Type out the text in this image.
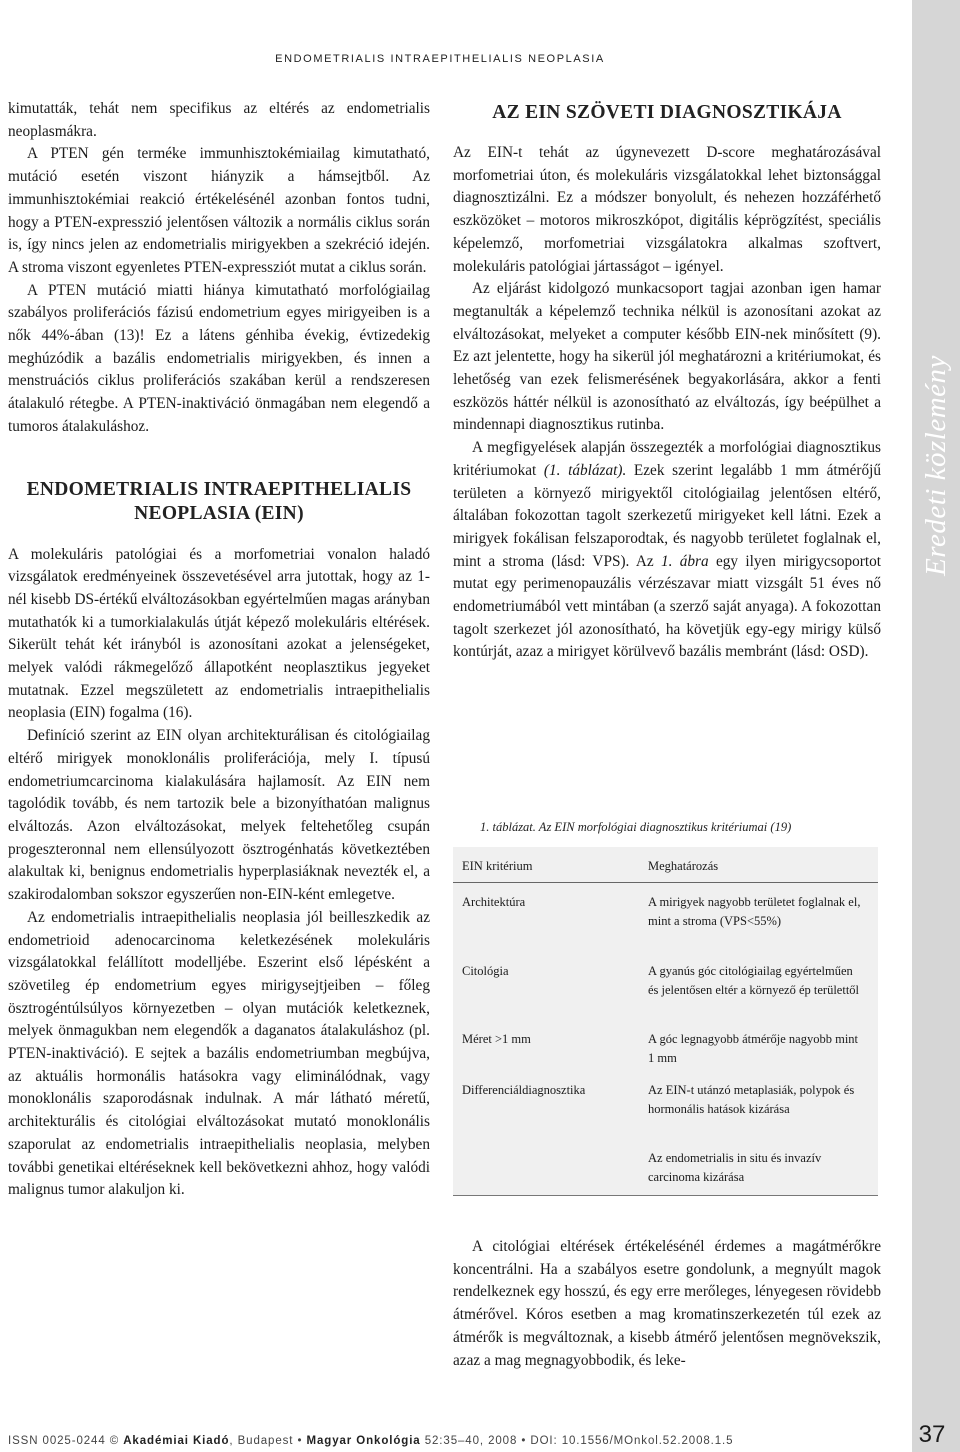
ENDOMETRIALIS INTRAEPITHELIALIS NEOPLASIA
Eredeti közlemény

kimutatták, tehát nem specifikus az eltérés az endometrialis neoplasmákra.

A PTEN gén terméke immunhisztokémiailag kimutatható, mutáció esetén viszont hiányzik a hámsejtből. Az immunhisztokémiai reakció értékelésénél azonban fontos tudni, hogy a PTEN-expresszió jelentősen változik a normális ciklus során is, így nincs jelen az endometrialis mirigyekben a szekréció idején. A stroma viszont egyenletes PTEN-expressziót mutat a ciklus során.

A PTEN mutáció miatti hiánya kimutatható morfológiailag szabályos proliferációs fázisú endometrium egyes mirigyeiben is a nők 44%-ában (13)! Ez a látens génhiba évekig, évtizedekig meghúzódik a bazális endometrialis mirigyekben, és innen a menstruációs ciklus proliferációs szakában kerül a rendszeresen átalakuló rétegbe. A PTEN-inaktiváció önmagában nem elegendő a tumoros átalakuláshoz.

ENDOMETRIALIS INTRAEPITHELIALIS NEOPLASIA (EIN)

A molekuláris patológiai és a morfometriai vonalon haladó vizsgálatok eredményeinek összevetésével arra jutottak, hogy az 1-nél kisebb DS-értékű elváltozásokban egyértelműen magas arányban mutathatók ki a tumorkialakulás útját képező molekuláris eltérések. Sikerült tehát két irányból is azonosítani azokat a jelenségeket, melyek valódi rákmegelőző állapotként neoplasztikus jegyeket mutatnak. Ezzel megszületett az endometrialis intraepithelialis neoplasia (EIN) fogalma (16).

Definíció szerint az EIN olyan architekturálisan és citológiailag eltérő mirigyek monoklonális proliferációja, mely I. típusú endometriumcarcinoma kialakulására hajlamosít. Az EIN nem tagolódik tovább, és nem tartozik bele a bizonyíthatóan malignus elváltozás. Azon elváltozásokat, melyek feltehetőleg csupán progeszteronnal nem ellensúlyozott ösztrogénhatás következtében alakultak ki, benignus endometrialis hyperplasiáknak nevezték el, a szakirodalomban sokszor egyszerűen non-EIN-ként emlegetve.

Az endometrialis intraepithelialis neoplasia jól beilleszkedik az endometrioid adenocarcinoma keletkezésének molekuláris vizsgálatokkal felállított modelljébe. Eszerint első lépésként a szövetileg ép endometrium egyes mirigysejtjeiben – főleg ösztrogéntúlsúlyos környezetben – olyan mutációk keletkeznek, melyek önmagukban nem elegendők a daganatos átalakuláshoz (pl. PTEN-inaktiváció). E sejtek a bazális endometriumban megbújva, az aktuális hormonális hatásokra vagy eliminálódnak, vagy monoklonális szaporodásnak indulnak. A már látható méretű, architekturális és citológiai elváltozásokat mutató monoklonális szaporulat az endometrialis intraepithelialis neoplasia, melyben további genetikai eltéréseknek kell bekövetkezni ahhoz, hogy valódi malignus tumor alakuljon ki.

AZ EIN SZÖVETI DIAGNOSZTIKÁJA

Az EIN-t tehát az úgynevezett D-score meghatározásával morfometriai úton, és molekuláris vizsgálatokkal lehet biztonsággal diagnosztizálni. Ez a módszer bonyolult, és nehezen hozzáférhető eszközöket – motoros mikroszkópot, digitális képrögzítést, speciális képelemző, morfometriai vizsgálatokra alkalmas szoftvert, molekuláris patológiai jártasságot – igényel.

Az eljárást kidolgozó munkacsoport tagjai azonban igen hamar megtanulták a képelemző technika nélkül is azonosítani azokat az elváltozásokat, melyeket a computer később EIN-nek minősített (9). Ez azt jelentette, hogy ha sikerül jól meghatározni a kritériumokat, és lehetőség van ezek felismerésének begyakorlására, akkor a fenti eszközös háttér nélkül is azonosítható az elváltozás, így beépülhet a mindennapi diagnosztikus rutinba.

A megfigyelések alapján összegezték a morfológiai diagnosztikus kritériumokat (1. táblázat). Ezek szerint legalább 1 mm átmérőjű területen a környező mirigyektől citológiailag jelentősen eltérő, általában fokozottan tagolt szerkezetű mirigyeket kell látni. Ezek a mirigyek fokálisan felszaporodtak, és nagyobb területet foglalnak el, mint a stroma (lásd: VPS). Az 1. ábra egy ilyen mirigycsoportot mutat egy perimenopauzális vérzészavar miatt vizsgált 51 éves nő endometriumából vett mintában (a szerző saját anyaga). A fokozottan tagolt szerkezet jól azonosítható, ha követjük egy-egy mirigy külső kontúrját, azaz a mirigyet körülvevő bazális membránt (lásd: OSD).

1. táblázat. Az EIN morfológiai diagnosztikus kritériumai (19)
EIN kritérium	Meghatározás
Architektúra	A mirigyek nagyobb területet foglalnak el, mint a stroma (VPS<55%)
Citológia	A gyanús góc citológiailag egyértelműen és jelentősen eltér a környező ép területtől
Méret >1 mm	A góc legnagyobb átmérője nagyobb mint 1 mm
Differenciáldiagnosztika	Az EIN-t utánzó metaplasiák, polypok és hormonális hatások kizárása
Az endometrialis in situ és invazív carcinoma kizárása

A citológiai eltérések értékelésénél érdemes a magátmérőkre koncentrálni. Ha a szabályos esetre gondolunk, a megnyúlt magok rendelkeznek egy hosszú, és egy erre merőleges, lényegesen rövidebb átmérővel. Kóros esetben a mag kromatinszerkezetén túl ezek az átmérők is megváltoznak, a kisebb átmérő jelentősen megnövekszik, azaz a mag megnagyobbodik, és leke-

ISSN 0025-0244 © Akadémiai Kiadó, Budapest • Magyar Onkológia 52:35–40, 2008 • DOI: 10.1556/MOnkol.52.2008.1.5	37
